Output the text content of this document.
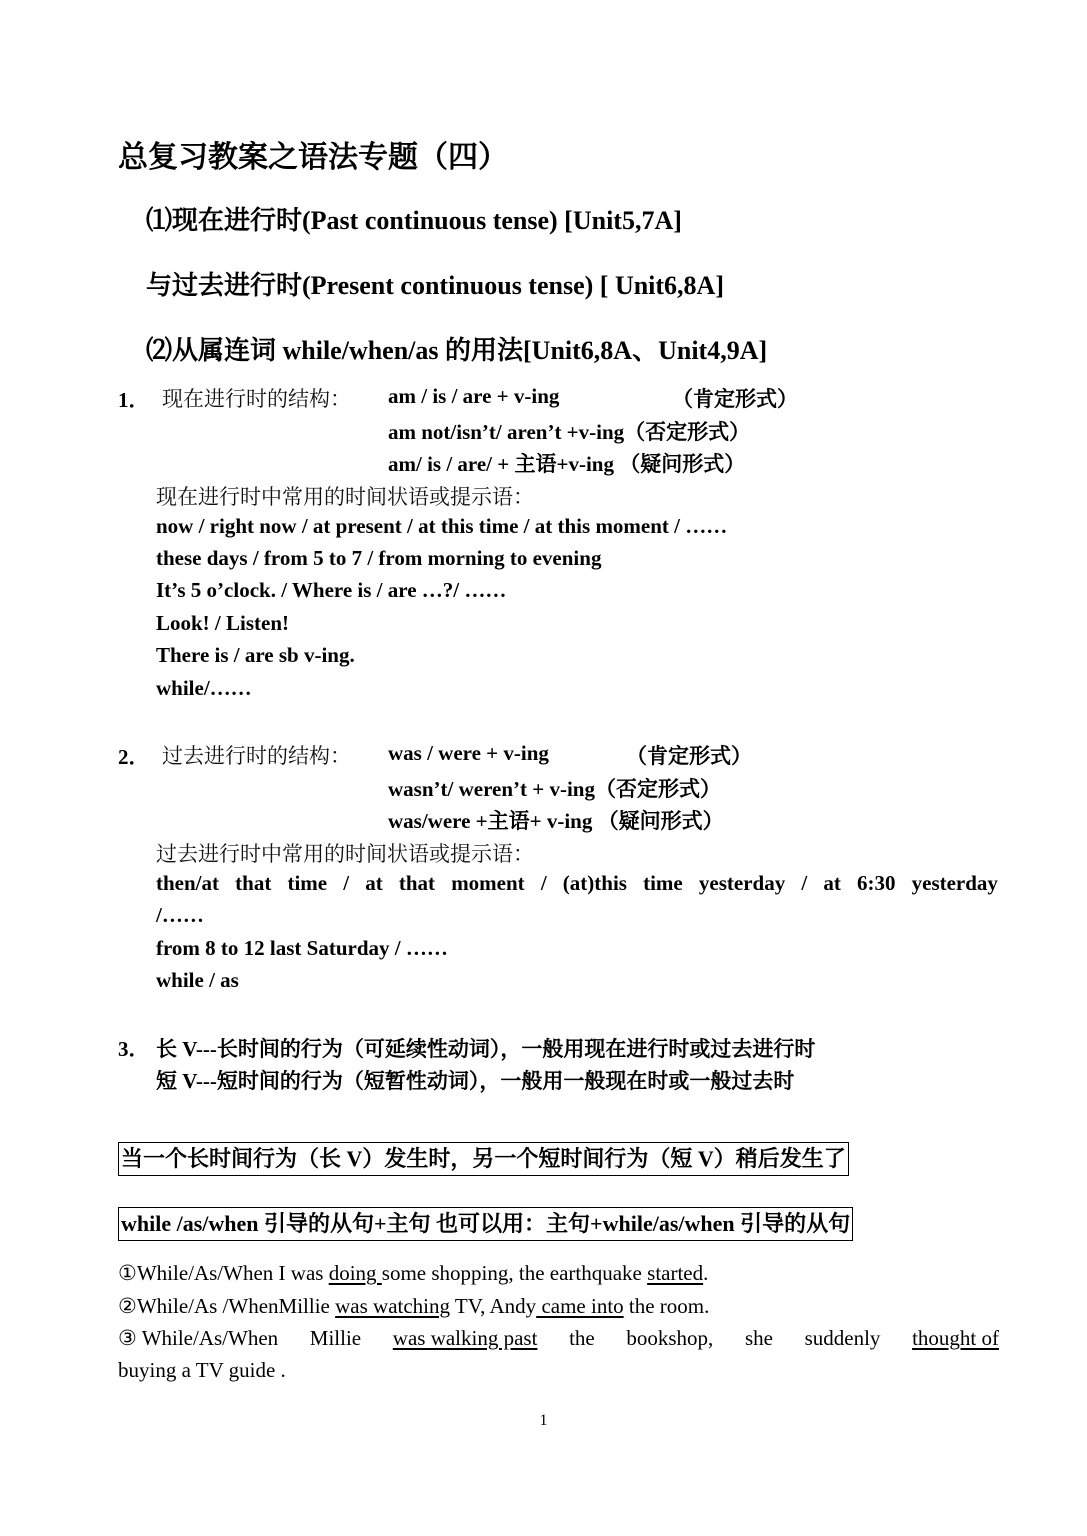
总复习教案之语法专题（四）
⑴现在进行时(Past continuous tense) [Unit5,7A]
与过去进行时(Present continuous tense) [ Unit6,8A]
⑵从属连词 while/when/as 的用法[Unit6,8A、Unit4,9A]
1． 现在进行时的结构： am / is / are + v-ing	（肯定形式）
am not/isn’t/ aren’t +v-ing（否定形式）
am/ is / are/ + 主语+v-ing （疑问形式）
现在进行时中常用的时间状语或提示语：
now / right now / at present / at this time / at this moment / ……
these days / from 5 to 7 / from morning to evening
It’s 5 o’clock. / Where is / are …?/ ……
Look! / Listen!
There is / are sb v-ing.
while/……
2． 过去进行时的结构： was / were + v-ing	（肯定形式）
wasn’t/ weren’t + v-ing（否定形式）
was/were +主语+ v-ing （疑问形式）
过去进行时中常用的时间状语或提示语：
then/at that time / at that moment / (at)this time yesterday / at 6:30 yesterday
/……
from 8 to 12 last Saturday / ……
while / as
3． 长 V---长时间的行为（可延续性动词），一般用现在进行时或过去进行时
短 V---短时间的行为（短暂性动词），一般用一般现在时或一般过去时
当一个长时间行为（长 V）发生时，另一个短时间行为（短 V）稍后发生了
while /as/when 引导的从句+主句 也可以用：主句+while/as/when 引导的从句
①While/As/When I was doing some shopping, the earthquake started.
②While/As /WhenMillie was watching TV, Andy came into the room.
③ While/As/When Millie was walking past the bookshop, she suddenly thought of
buying a TV guide .
1
